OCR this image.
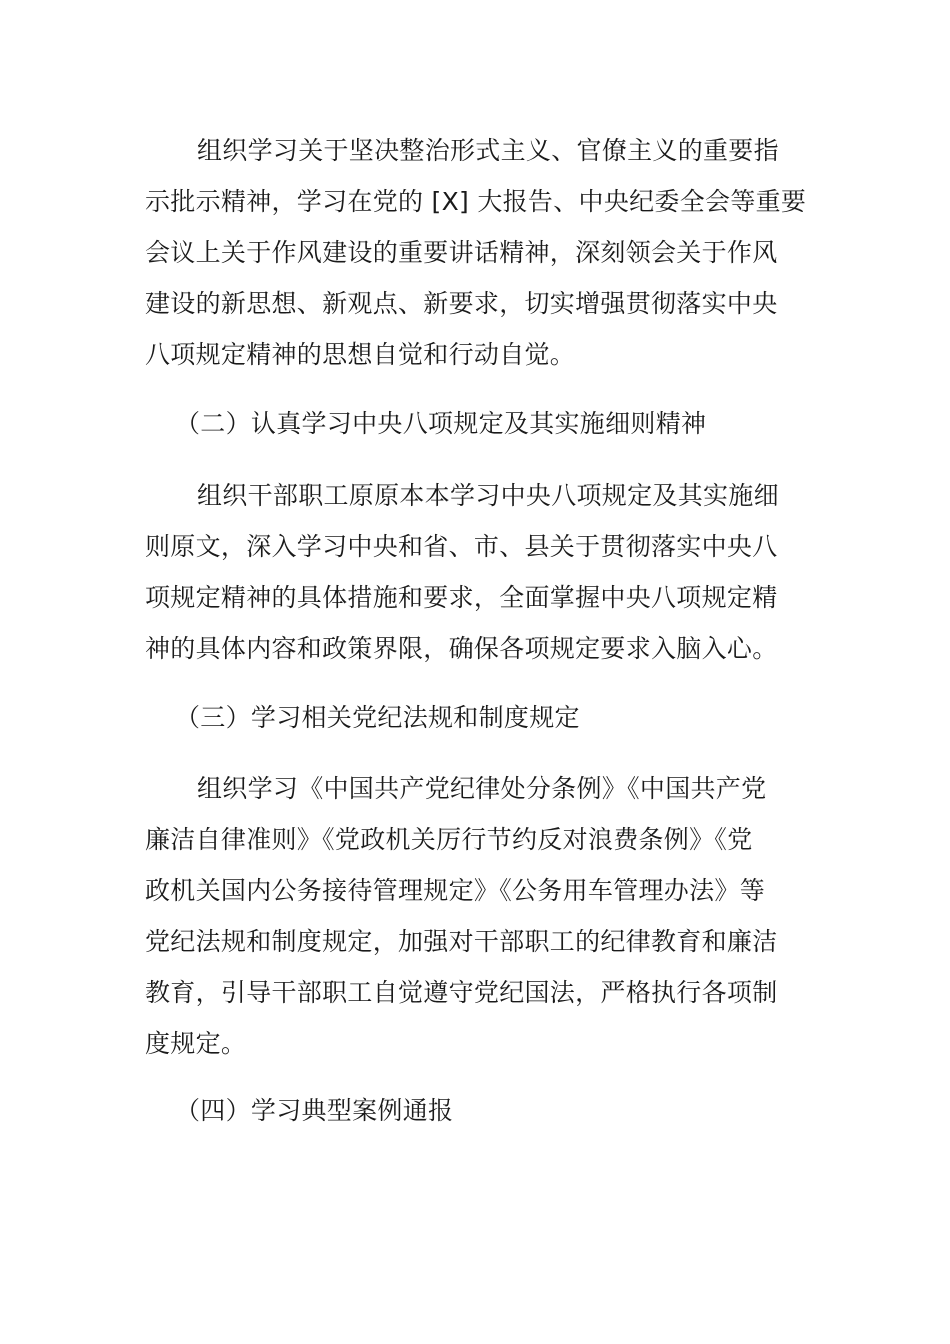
组织学习关于坚决整治形式主义、官僚主义的重要指
示批示精神，学习在党的 [X] 大报告、中央纪委全会等重要
会议上关于作风建设的重要讲话精神，深刻领会关于作风
建设的新思想、新观点、新要求，切实增强贯彻落实中央
八项规定精神的思想自觉和行动自觉。
（二）认真学习中央八项规定及其实施细则精神
组织干部职工原原本本学习中央八项规定及其实施细
则原文，深入学习中央和省、市、县关于贯彻落实中央八
项规定精神的具体措施和要求，全面掌握中央八项规定精
神的具体内容和政策界限，确保各项规定要求入脑入心。
（三）学习相关党纪法规和制度规定
组织学习《中国共产党纪律处分条例》《中国共产党
廉洁自律准则》《党政机关厉行节约反对浪费条例》《党
政机关国内公务接待管理规定》《公务用车管理办法》等
党纪法规和制度规定，加强对干部职工的纪律教育和廉洁
教育，引导干部职工自觉遵守党纪国法，严格执行各项制
度规定。
（四）学习典型案例通报
